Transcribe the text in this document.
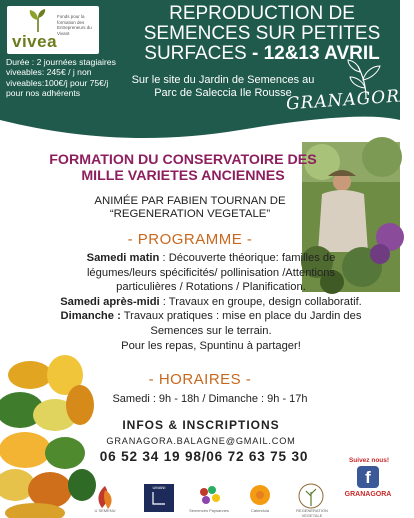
vivea
Fonds pour la formation des Entrepreneurs du Vivant
Durée : 2 journées stagiaires viveables: 245€ / j non viveables:100€/j pour 75€/j pour nos adhérents
REPRODUCTION DE
SEMENCES SUR PETITES
SURFACES - 12&13 AVRIL
Sur le site du Jardin de Semences au Parc de Saleccia Ile Rousse
GRANAGORA
FORMATION DU CONSERVATOIRE DES MILLE VARIETES ANCIENNES
ANIMÉE PAR FABIEN TOURNAN DE “REGENERATION VEGETALE”
- PROGRAMME -
Samedi matin : Découverte théorique: familles de légumes/leurs spécificités/ pollinisation /Attentions particulières / Rotations / Planification.
Samedi après-midi : Travaux en groupe, design collaboratif.
Dimanche : Travaux pratiques : mise en place du Jardin des Semences sur le terrain.
Pour les repas, Spuntinu à partager!
- HORAIRES -
Samedi : 9h - 18h / Dimanche : 9h - 17h
INFOS & INSCRIPTIONS
GRANAGORA.BALAGNE@GMAIL.COM
06 52 34 19 98/06 72 63 75 30	Suivez nous!
f
GRANAGORA
U SEMENU
UMANI
Semences Paysannes	Calendula	REGENERATION VEGETALE
